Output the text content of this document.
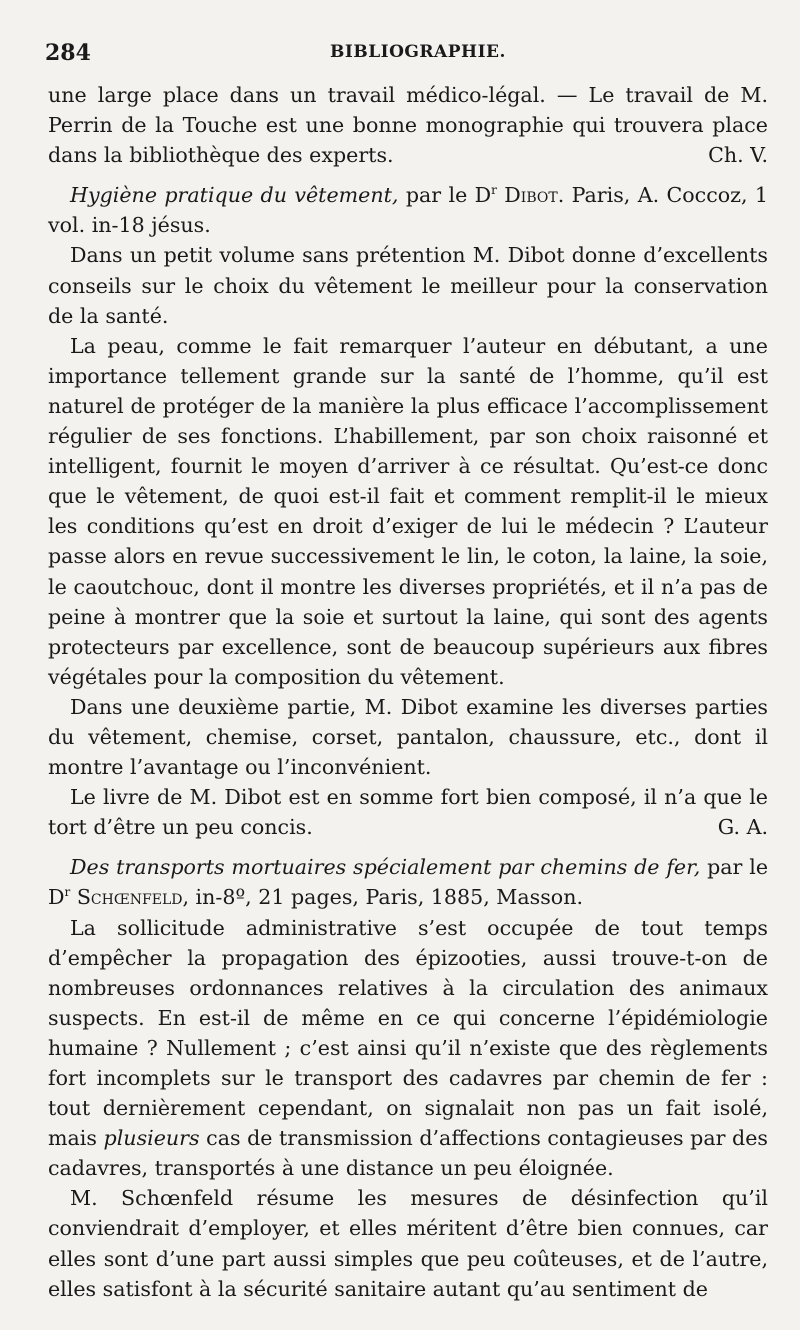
284	BIBLIOGRAPHIE.

une large place dans un travail médico-légal. — Le travail de M. Perrin de la Touche est une bonne monographie qui trouvera place dans la bibliothèque des experts.	Ch. V.

Hygiène pratique du vêtement, par le $D^r$ Dibot. Paris, A. Coccoz, 1 vol. in-18 jésus.

Dans un petit volume sans prétention M. Dibot donne d’excellents conseils sur le choix du vêtement le meilleur pour la conservation de la santé.

La peau, comme le fait remarquer l’auteur en débutant, a une importance tellement grande sur la santé de l’homme, qu’il est naturel de protéger de la manière la plus efficace l’accomplissement régulier de ses fonctions. L’habillement, par son choix raisonné et intelligent, fournit le moyen d’arriver à ce résultat. Qu’est-ce donc que le vêtement, de quoi est-il fait et comment remplit-il le mieux les conditions qu’est en droit d’exiger de lui le médecin ? L’auteur passe alors en revue successivement le lin, le coton, la laine, la soie, le caoutchouc, dont il montre les diverses propriétés, et il n’a pas de peine à montrer que la soie et surtout la laine, qui sont des agents protecteurs par excellence, sont de beaucoup supérieurs aux fibres végétales pour la composition du vêtement.

Dans une deuxième partie, M. Dibot examine les diverses parties du vêtement, chemise, corset, pantalon, chaussure, etc., dont il montre l’avantage ou l’inconvénient.

Le livre de M. Dibot est en somme fort bien composé, il n’a que le tort d’être un peu concis.	G. A.

Des transports mortuaires spécialement par chemins de fer, par le $D^r$ Schœnfeld, in-8º, 21 pages, Paris, 1885, Masson.

La sollicitude administrative s’est occupée de tout temps d’empêcher la propagation des épizooties, aussi trouve-t-on de nombreuses ordonnances relatives à la circulation des animaux suspects. En est-il de même en ce qui concerne l’épidémiologie humaine ? Nullement ; c’est ainsi qu’il n’existe que des règlements fort incomplets sur le transport des cadavres par chemin de fer : tout dernièrement cependant, on signalait non pas un fait isolé, mais plusieurs cas de transmission d’affections contagieuses par des cadavres, transportés à une distance un peu éloignée.

M. Schœnfeld résume les mesures de désinfection qu’il conviendrait d’employer, et elles méritent d’être bien connues, car elles sont d’une part aussi simples que peu coûteuses, et de l’autre, elles satisfont à la sécurité sanitaire autant qu’au sentiment de
